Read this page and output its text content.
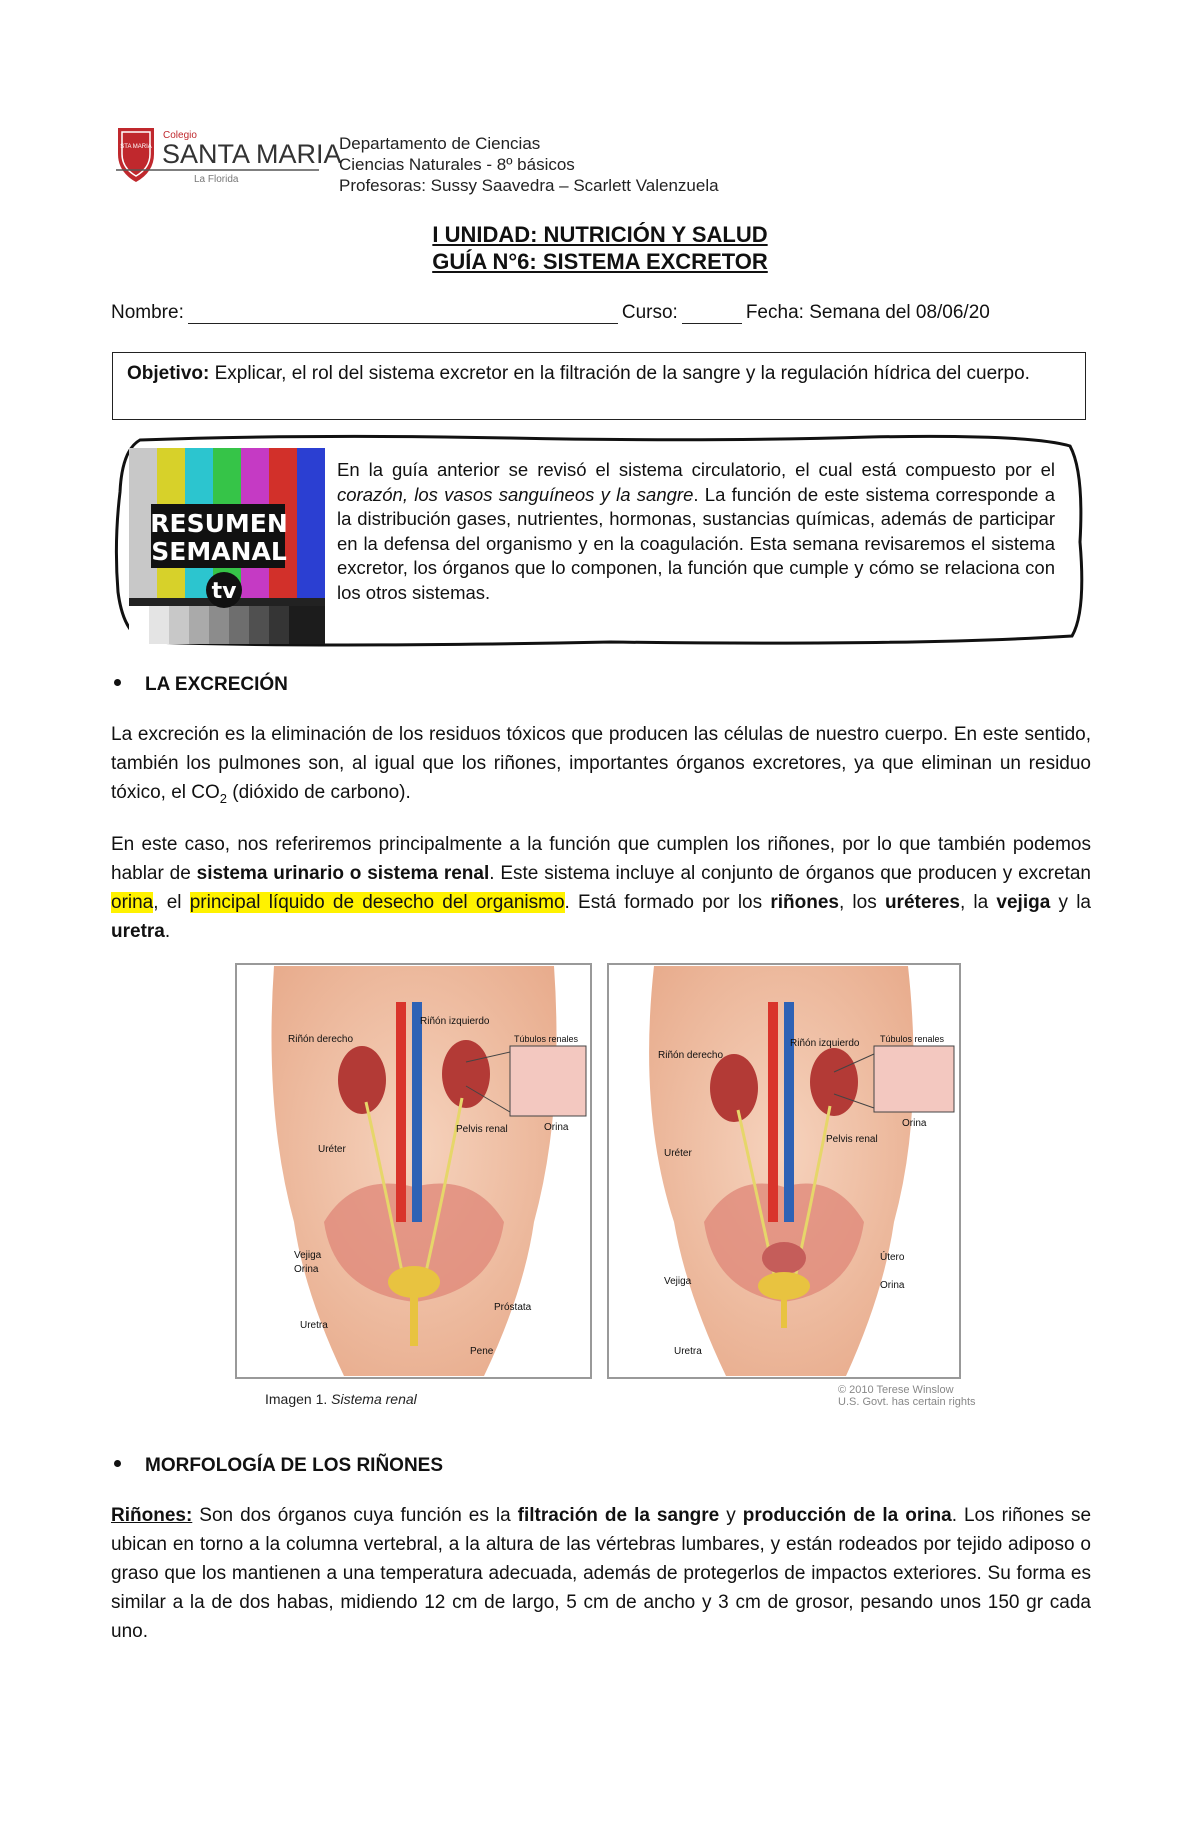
STA MARIA
Colegio
SANTA MARIA
La Florida
Departamento de Ciencias
Ciencias Naturales - 8º básicos
Profesoras: Sussy Saavedra – Scarlett Valenzuela
I UNIDAD: NUTRICIÓN Y SALUD
GUÍA N°6: SISTEMA EXCRETOR
Nombre:	Curso:	Fecha: Semana del 08/06/20
Objetivo: Explicar, el rol del sistema excretor en la filtración de la sangre y la regulación hídrica del cuerpo.
RESUMEN
SEMANAL
tv
En la guía anterior se revisó el sistema circulatorio, el cual está compuesto por el corazón, los vasos sanguíneos y la sangre. La función de este sistema corresponde a la distribución gases, nutrientes, hormonas, sustancias químicas, además de participar en la defensa del organismo y en la coagulación. Esta semana revisaremos el sistema excretor, los órganos que lo componen, la función que cumple y cómo se relaciona con los otros sistemas.
LA EXCRECIÓN
La excreción es la eliminación de los residuos tóxicos que producen las células de nuestro cuerpo. En este sentido, también los pulmones son, al igual que los riñones, importantes órganos excretores, ya que eliminan un residuo tóxico, el $CO_2$ (dióxido de carbono).
En este caso, nos referiremos principalmente a la función que cumplen los riñones, por lo que también podemos hablar de sistema urinario o sistema renal. Este sistema incluye al conjunto de órganos que producen y excretan orina, el principal líquido de desecho del organismo. Está formado por los riñones, los uréteres, la vejiga y la uretra.
Riñón derecho
Riñón izquierdo
Túbulos renales
Orina
Pelvis renal
Uréter
Vejiga
Orina
Próstata
Uretra
Pene
Riñón izquierdo
Riñón derecho
Túbulos renales
Orina
Pelvis renal
Uréter
Útero
Vejiga	Orina
Uretra
Imagen 1. Sistema renal
© 2010 Terese Winslow
U.S. Govt. has certain rights
MORFOLOGÍA DE LOS RIÑONES
Riñones: Son dos órganos cuya función es la filtración de la sangre y producción de la orina. Los riñones se ubican en torno a la columna vertebral, a la altura de las vértebras lumbares, y están rodeados por tejido adiposo o graso que los mantienen a una temperatura adecuada, además de protegerlos de impactos exteriores. Su forma es similar a la de dos habas, midiendo 12 cm de largo, 5 cm de ancho y 3 cm de grosor, pesando unos 150 gr cada uno.
